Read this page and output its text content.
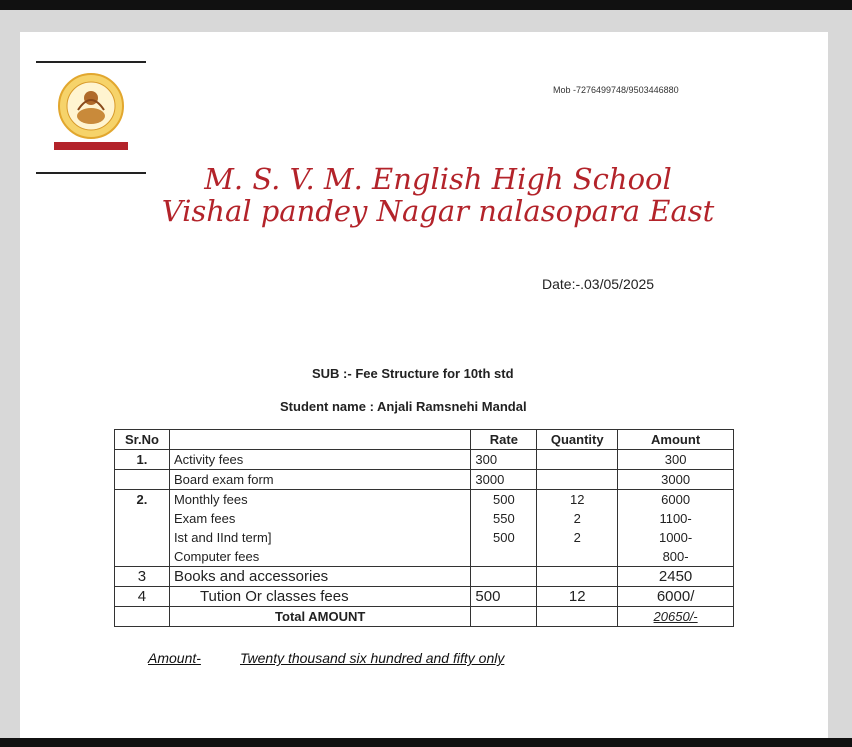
Mob -7276499748/9503446880
M. S. V. M. English High School
Vishal pandey Nagar nalasopara East
Date:-.03/05/2025
SUB :- Fee Structure for 10th std
Student name : Anjali Ramsnehi Mandal
Sr.No		Rate	Quantity	Amount
1.	Activity fees	300		300
	Board exam form	3000		3000
2.	Monthly fees	500	12	6000
	Exam fees	550	2	1100-
	Ist and IInd term]	500	2	1000-
	Computer fees			800-
3	Books and accessories			2450
4	Tution Or classes fees	500	12	6000/
	Total AMOUNT			20650/-
Amount-	Twenty thousand six hundred and fifty only
